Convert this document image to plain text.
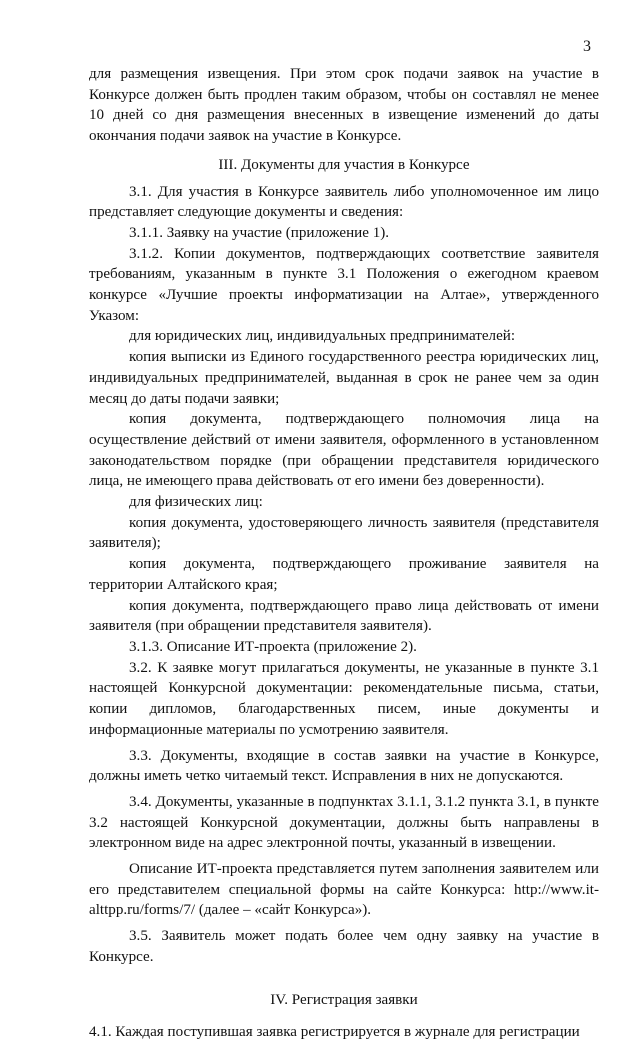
3

для размещения извещения. При этом срок подачи заявок на участие в Конкурсе должен быть продлен таким образом, чтобы он составлял не менее 10 дней со дня размещения внесенных в извещение изменений до даты окончания подачи заявок на участие в Конкурсе.

III. Документы для участия в Конкурсе

3.1. Для участия в Конкурсе заявитель либо уполномоченное им лицо представляет следующие документы и сведения:

3.1.1. Заявку на участие (приложение 1).

3.1.2. Копии документов, подтверждающих соответствие заявителя требованиям, указанным в пункте 3.1 Положения о ежегодном краевом конкурсе «Лучшие проекты информатизации на Алтае», утвержденного Указом:

для юридических лиц, индивидуальных предпринимателей:

копия выписки из Единого государственного реестра юридических лиц, индивидуальных предпринимателей, выданная в срок не ранее чем за один месяц до даты подачи заявки;

копия документа, подтверждающего полномочия лица на осуществление действий от имени заявителя, оформленного в установленном законодательством порядке (при обращении представителя юридического лица, не имеющего права действовать от его имени без доверенности).

для физических лиц:

копия документа, удостоверяющего личность заявителя (представителя заявителя);

копия документа, подтверждающего проживание заявителя на территории Алтайского края;

копия документа, подтверждающего право лица действовать от имени заявителя (при обращении представителя заявителя).

3.1.3. Описание ИТ-проекта (приложение 2).

3.2. К заявке могут прилагаться документы, не указанные в пункте 3.1 настоящей Конкурсной документации: рекомендательные письма, статьи, копии дипломов, благодарственных писем, иные документы и информационные материалы по усмотрению заявителя.

3.3. Документы, входящие в состав заявки на участие в Конкурсе, должны иметь четко читаемый текст. Исправления в них не допускаются.

3.4. Документы, указанные в подпунктах 3.1.1, 3.1.2 пункта 3.1, в пункте 3.2 настоящей Конкурсной документации, должны быть направлены в электронном виде на адрес электронной почты, указанный в извещении.

Описание ИТ-проекта представляется путем заполнения заявителем или его представителем специальной формы на сайте Конкурса: http://www.it-alttpp.ru/forms/7/ (далее – «сайт Конкурса»).

3.5. Заявитель может подать более чем одну заявку на участие в Конкурсе.

IV. Регистрация заявки

4.1. Каждая поступившая заявка регистрируется в журнале для регистрации
